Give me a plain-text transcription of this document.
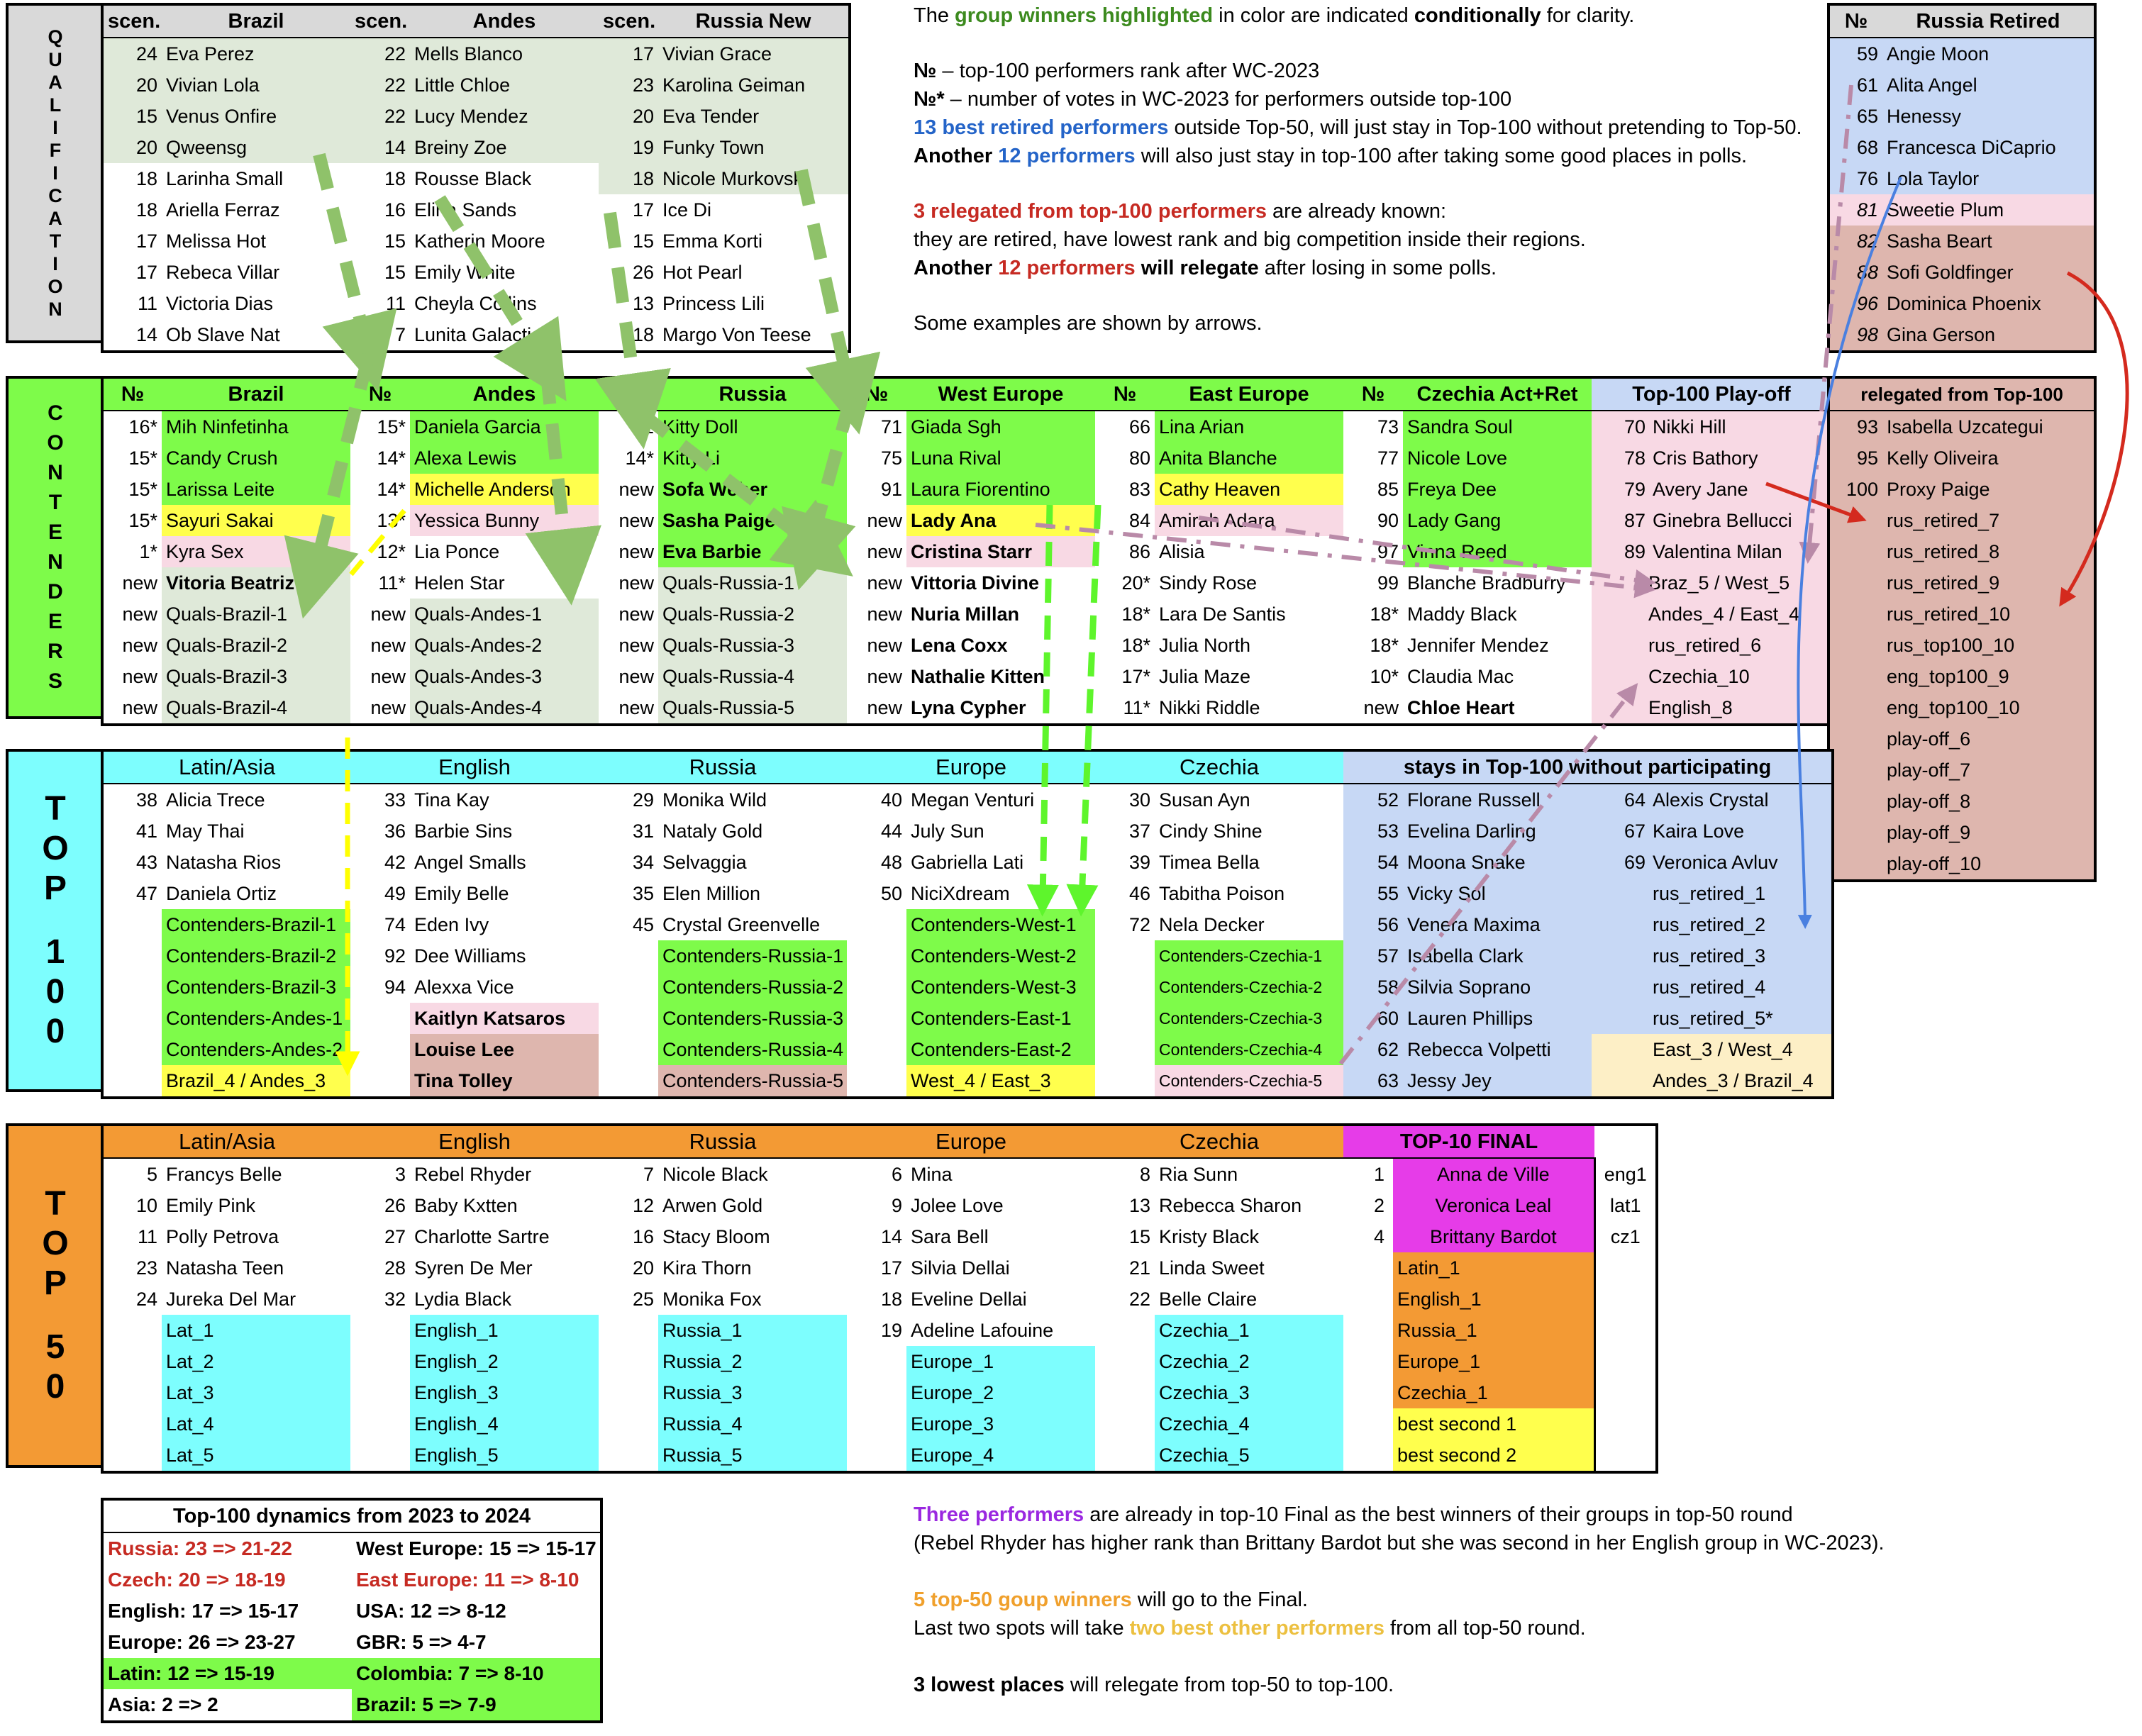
Q
U
A
L
I
F
I
C
A
T
I
O
N
scen.	Brazil	scen.	Andes	scen.	Russia New
24	Eva Perez	22	Mells Blanco	17	Vivian Grace
20	Vivian Lola	22	Little Chloe	23	Karolina Geiman
15	Venus Onfire	22	Lucy Mendez	20	Eva Tender
20	Qweensg	14	Breiny Zoe	19	Funky Town
18	Larinha Small	18	Rousse Black	18	Nicole Murkovski
18	Ariella Ferraz	16	Elina Sands	17	Ice Di
17	Melissa Hot	15	Katherin Moore	15	Emma Korti
17	Rebeca Villar	15	Emily White	26	Hot Pearl
11	Victoria Dias	11	Cheyla Collins	13	Princess Lili
14	Ob Slave Nat	7	Lunita Galactica	18	Margo Von Teese
The group winners highlighted in color are indicated conditionally for clarity.
№ – top-100 performers rank after WC-2023
№* – number of votes in WC-2023 for performers outside top-100
13 best retired performers outside Top-50, will just stay in Top-100 without pretending to Top-50.
Another 12 performers will also just stay in top-100 after taking some good places in polls.
3 relegated from top-100 performers are already known:
they are retired, have lowest rank and big competition inside their regions.
Another 12 performers will relegate after losing in some polls.
Some examples are shown by arrows.
№	Russia Retired
59	Angie Moon
61	Alita Angel
65	Henessy
68	Francesca DiCaprio
76	Lola Taylor
81	Sweetie Plum
82	Sasha Beart
88	Sofi Goldfinger
96	Dominica Phoenix
98	Gina Gerson
C
O
N
T
E
N
D
E
R
S
№	Brazil	№	Andes	№	Russia	№	West Europe	№	East Europe	№	Czechia Act+Ret	Top-100 Play-off
16*	Mih Ninfetinha	15*	Daniela Garcia	51	Kitty Doll	71	Giada Sgh	66	Lina Arian	73	Sandra Soul	70 Nikki Hill
15*	Candy Crush	14*	Alexa Lewis	14*	Kitty Li	75	Luna Rival	80	Anita Blanche	77	Nicole Love	78 Cris Bathory
15*	Larissa Leite	14*	Michelle Anderson	new	Sofa Weber	91	Laura Fiorentino	83	Cathy Heaven	85	Freya Dee	79 Avery Jane
15*	Sayuri Sakai	13*	Yessica Bunny	new	Sasha Paige	new	Lady Ana	84	Amirah Adara	90	Lady Gang	87 Ginebra Bellucci
1*	Kyra Sex	12*	Lia Ponce	new	Eva Barbie	new	Cristina Starr	86	Alisia	97	Vinna Reed	89 Valentina Milan
new	Vitoria Beatriz	11*	Helen Star	new	Quals-Russia-1	new	Vittoria Divine	20*	Sindy Rose	99	Blanche Bradburry	Braz_5 / West_5
new	Quals-Brazil-1	new	Quals-Andes-1	new	Quals-Russia-2	new	Nuria Millan	18*	Lara De Santis	18*	Maddy Black	Andes_4 / East_4
new	Quals-Brazil-2	new	Quals-Andes-2	new	Quals-Russia-3	new	Lena Coxx	18*	Julia North	18*	Jennifer Mendez	rus_retired_6
new	Quals-Brazil-3	new	Quals-Andes-3	new	Quals-Russia-4	new	Nathalie Kitten	17*	Julia Maze	10*	Claudia Mac	Czechia_10
new	Quals-Brazil-4	new	Quals-Andes-4	new	Quals-Russia-5	new	Lyna Cypher	11*	Nikki Riddle	new	Chloe Heart	English_8
relegated from Top-100	
93	Isabella Uzcategui
95	Kelly Oliveira
100	Proxy Paige
	rus_retired_7
	rus_retired_8
	rus_retired_9
	rus_retired_10
	rus_top100_10
	eng_top100_9
	eng_top100_10
	play-off_6
	play-off_7
	play-off_8
	play-off_9
	play-off_10
T
O
P
1
0
0
Latin/Asia		English		Russia		Europe		Czechia		stays in Top-100 without participating		
38	Alicia Trece	33	Tina Kay	29	Monika Wild	40	Megan Venturi	30	Susan Ayn	52	Florane Russell	64 Alexis Crystal
41	May Thai	36	Barbie Sins	31	Nataly Gold	44	July Sun	37	Cindy Shine	53	Evelina Darling	67 Kaira Love
43	Natasha Rios	42	Angel Smalls	34	Selvaggia	48	Gabriella Lati	39	Timea Bella	54	Moona Snake	69 Veronica Avluv
47	Daniela Ortiz	49	Emily Belle	35	Elen Million	50	NiciXdream	46	Tabitha Poison	55	Vicky Sol	rus_retired_1
	Contenders-Brazil-1	74	Eden Ivy	45	Crystal Greenvelle		Contenders-West-1	72	Nela Decker	56	Venera Maxima	rus_retired_2
	Contenders-Brazil-2	92	Dee Williams		Contenders-Russia-1		Contenders-West-2		Contenders-Czechia-1	57	Isabella Clark	rus_retired_3
	Contenders-Brazil-3	94	Alexxa Vice		Contenders-Russia-2		Contenders-West-3		Contenders-Czechia-2	58	Silvia Soprano	rus_retired_4
	Contenders-Andes-1		Kaitlyn Katsaros		Contenders-Russia-3		Contenders-East-1		Contenders-Czechia-3	60	Lauren Phillips	rus_retired_5*
	Contenders-Andes-2		Louise Lee		Contenders-Russia-4		Contenders-East-2		Contenders-Czechia-4	62	Rebecca Volpetti	East_3 / West_4
	Brazil_4 / Andes_3		Tina Tolley		Contenders-Russia-5		West_4 / East_3		Contenders-Czechia-5	63	Jessy Jey	Andes_3 / Brazil_4
T
O
P
5
0
Latin/Asia		English		Russia		Europe		Czechia		TOP-10 FINAL		
5	Francys Belle	3	Rebel Rhyder	7	Nicole Black	6	Mina	8	Ria Sunn	1	Anna de Ville	eng1
10	Emily Pink	26	Baby Kxtten	12	Arwen Gold	9	Jolee Love	13	Rebecca Sharon	2	Veronica Leal	lat1
11	Polly Petrova	27	Charlotte Sartre	16	Stacy Bloom	14	Sara Bell	15	Kristy Black	4	Brittany Bardot	cz1
23	Natasha Teen	28	Syren De Mer	20	Kira Thorn	17	Silvia Dellai	21	Linda Sweet		Latin_1	
24	Jureka Del Mar	32	Lydia Black	25	Monika Fox	18	Eveline Dellai	22	Belle Claire		English_1	
	Lat_1		English_1		Russia_1	19	Adeline Lafouine		Czechia_1		Russia_1	
	Lat_2		English_2		Russia_2		Europe_1		Czechia_2		Europe_1	
	Lat_3		English_3		Russia_3		Europe_2		Czechia_3		Czechia_1	
	Lat_4		English_4		Russia_4		Europe_3		Czechia_4		best second 1	
	Lat_5		English_5		Russia_5		Europe_4		Czechia_5		best second 2	
Top-100 dynamics from 2023 to 2024	
Russia: 23 => 21-22	West Europe: 15 => 15-17
Czech: 20 => 18-19	East Europe: 11 => 8-10
English: 17 => 15-17	USA: 12 => 8-12
Europe: 26 => 23-27	GBR: 5 => 4-7
Latin: 12 => 15-19	Colombia: 7 => 8-10
Asia: 2 => 2	Brazil: 5 => 7-9
Three performers are already in top-10 Final as the best winners of their groups in top-50 round
(Rebel Rhyder has higher rank than Brittany Bardot but she was second in her English group in WC-2023).
5 top-50 goup winners will go to the Final.
Last two spots will take two best other performers from all top-50 round.
3 lowest places will relegate from top-50 to top-100.
